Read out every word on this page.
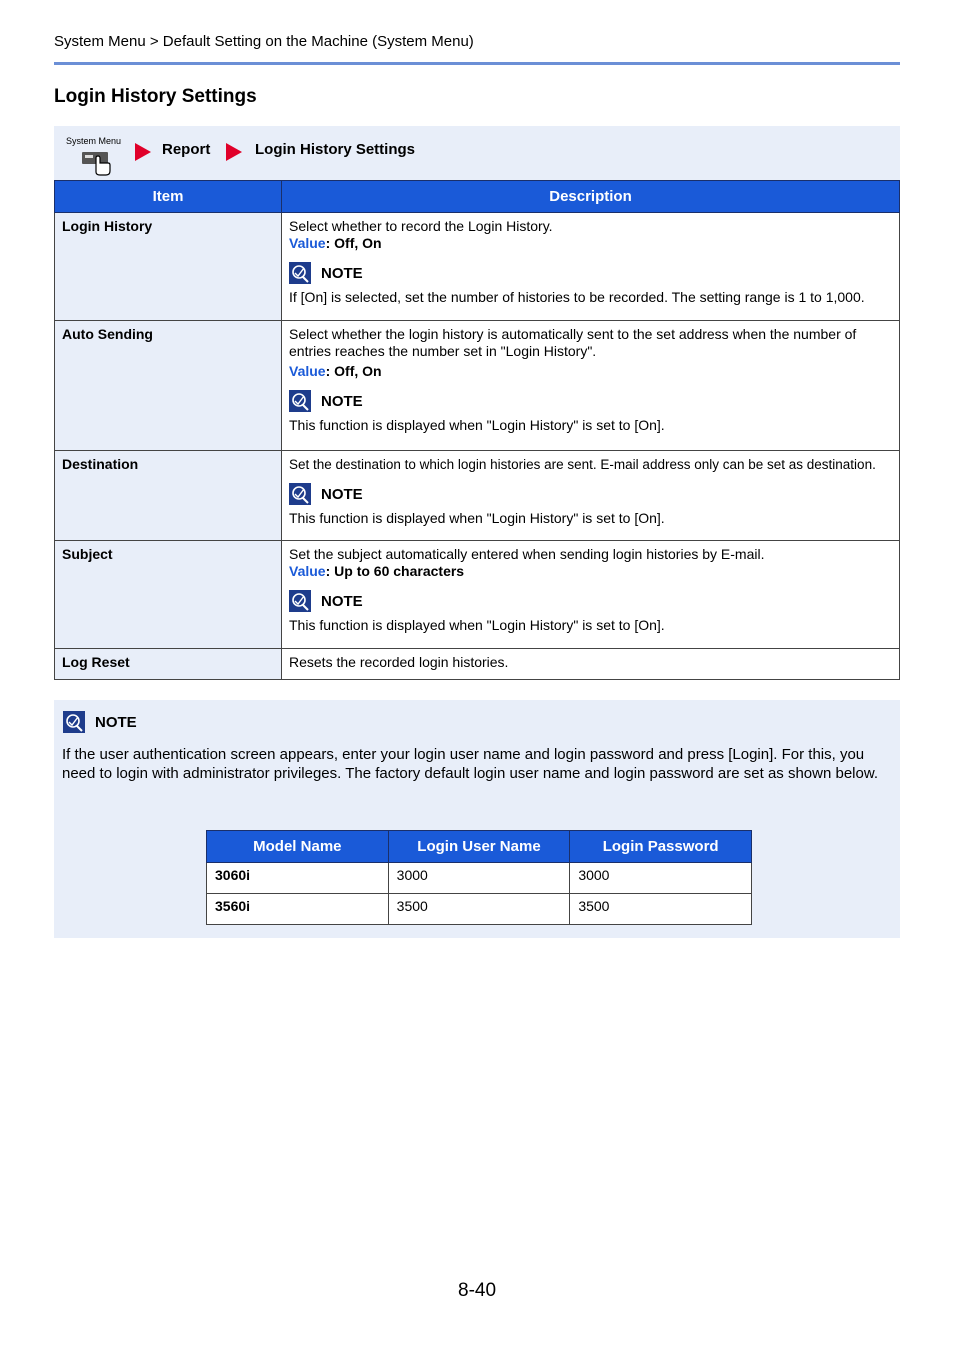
System Menu > Default Setting on the Machine (System Menu)
Login History Settings
System Menu	Report	Login History Settings
Item	Description
Login History	Select whether to record the Login History.
Value: Off, On
NOTE
If [On] is selected, set the number of histories to be recorded. The setting range is 1 to 1,000.

Auto Sending	Select whether the login history is automatically sent to the set address when the number of entries reaches the number set in "Login History".
Value: Off, On
NOTE
This function is displayed when "Login History" is set to [On].

Destination	Set the destination to which login histories are sent. E-mail address only can be set as destination.
NOTE
This function is displayed when "Login History" is set to [On].

Subject	Set the subject automatically entered when sending login histories by E-mail.
Value: Up to 60 characters
NOTE
This function is displayed when "Login History" is set to [On].

Log Reset	Resets the recorded login histories.
NOTE
If the user authentication screen appears, enter your login user name and login password and press [Login]. For this, you need to login with administrator privileges. The factory default login user name and login password are set as shown below.
Model Name	Login User Name	Login Password
3060i	3000	3000
3560i	3500	3500
8-40
